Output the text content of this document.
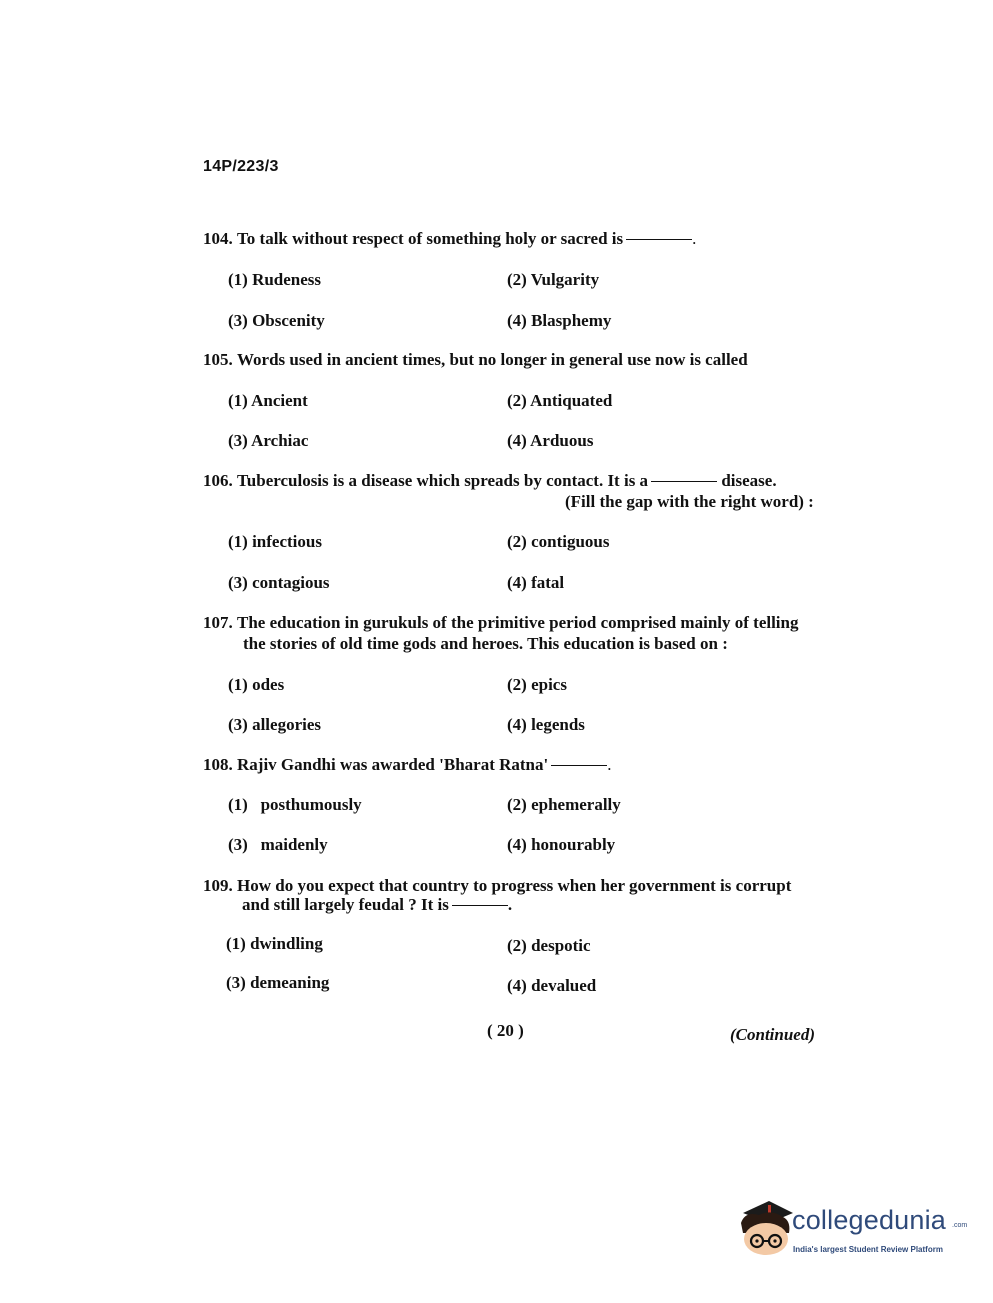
14P/223/3
104. To talk without respect of something holy or sacred is	.
(1) Rudeness	(2) Vulgarity
(3) Obscenity	(4) Blasphemy
105. Words used in ancient times, but no longer in general use now is called
(1) Ancient	(2) Antiquated
(3) Archiac	(4) Arduous
106. Tuberculosis is a disease which spreads by contact. It is a	disease.
(Fill the gap with the right word) :
(1) infectious	(2) contiguous
(3) contagious	(4) fatal
107. The education in gurukuls of the primitive period comprised mainly of telling
the stories of old time gods and heroes. This education is based on :
(1) odes	(2) epics
(3) allegories	(4) legends
108. Rajiv Gandhi was awarded 'Bharat Ratna'	.
(1) posthumously	(2) ephemerally
(3) maidenly	(4) honourably
109. How do you expect that country to progress when her government is corrupt
and still largely feudal ? It is	.
(1) dwindling	(2) despotic
(3) demeaning	(4) devalued
( 20 )	(Continued)
collegedunia .com
India's largest Student Review Platform
